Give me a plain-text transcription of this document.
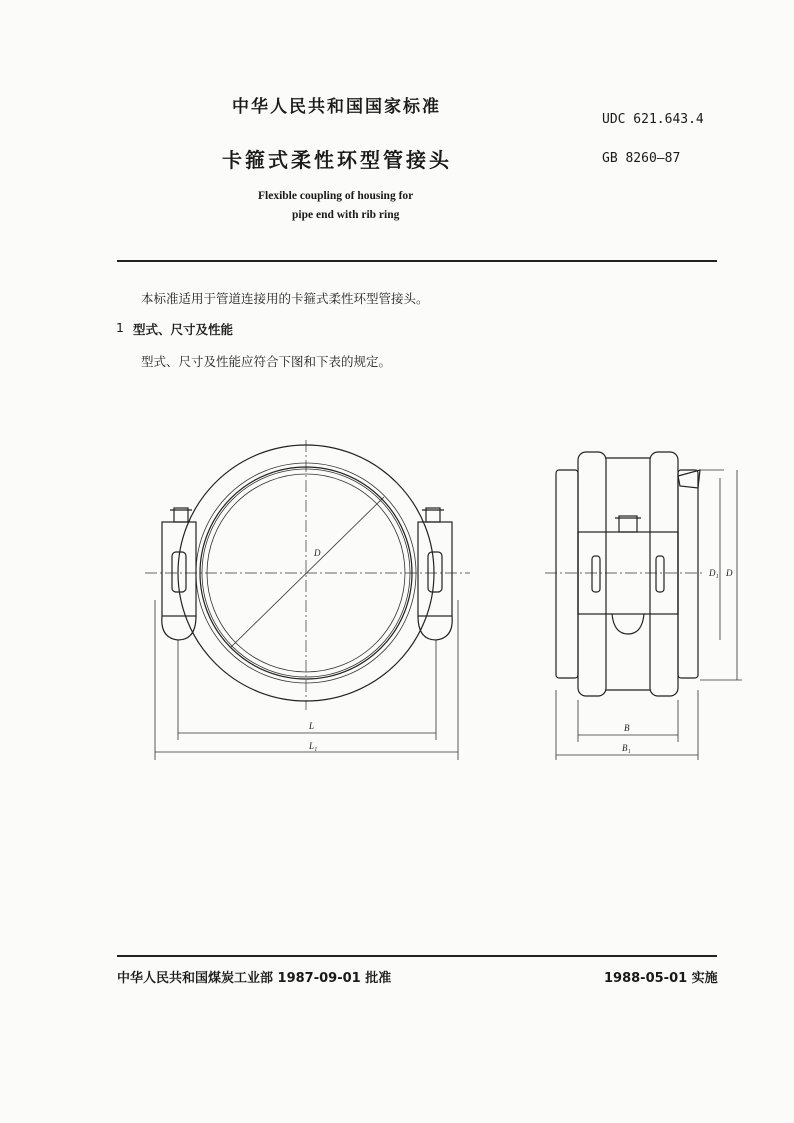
中华人民共和国国家标准
UDC 621.643.4
卡箍式柔性环型管接头	GB 8260—87
Flexible coupling of housing for
pipe end with rib ring
本标准适用于管道连接用的卡箍式柔性环型管接头。
1 型式、尺寸及性能
型式、尺寸及性能应符合下图和下表的规定。
D
L
L₁
D₁ D
B
B₁
中华人民共和国煤炭工业部 1987-09-01 批准	1988-05-01 实施
